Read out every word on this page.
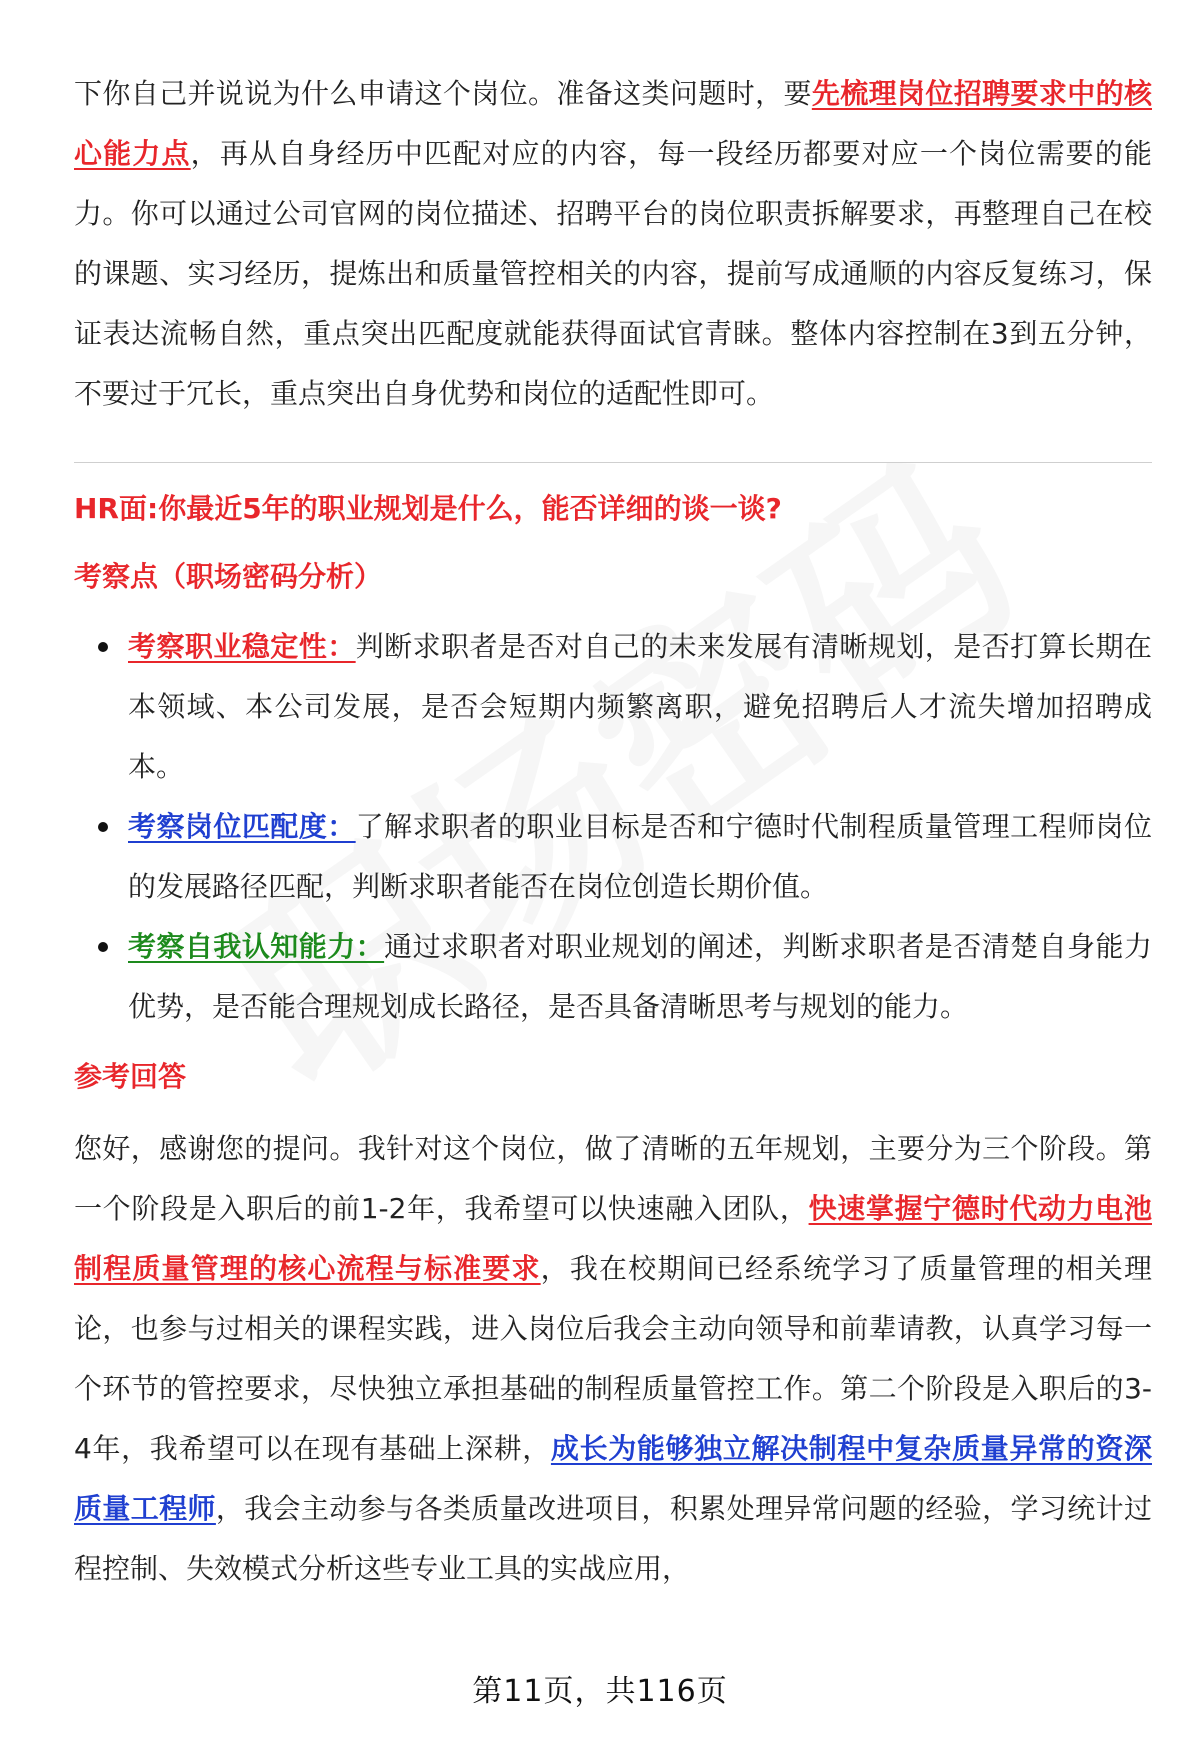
下你自己并说说为什么申请这个岗位。准备这类问题时，要先梳理岗位招聘要求中的核心能力点，再从自身经历中匹配对应的内容，每一段经历都要对应一个岗位需要的能力。你可以通过公司官网的岗位描述、招聘平台的岗位职责拆解要求，再整理自己在校的课题、实习经历，提炼出和质量管控相关的内容，提前写成通顺的内容反复练习，保证表达流畅自然，重点突出匹配度就能获得面试官青睐。整体内容控制在3到五分钟，不要过于冗长，重点突出自身优势和岗位的适配性即可。

HR面:你最近5年的职业规划是什么，能否详细的谈一谈?

考察点（职场密码分析）

考察职业稳定性：判断求职者是否对自己的未来发展有清晰规划，是否打算长期在本领域、本公司发展，是否会短期内频繁离职，避免招聘后人才流失增加招聘成本。
考察岗位匹配度：了解求职者的职业目标是否和宁德时代制程质量管理工程师岗位的发展路径匹配，判断求职者能否在岗位创造长期价值。
考察自我认知能力：通过求职者对职业规划的阐述，判断求职者是否清楚自身能力优势，是否能合理规划成长路径，是否具备清晰思考与规划的能力。

参考回答

您好，感谢您的提问。我针对这个岗位，做了清晰的五年规划，主要分为三个阶段。第一个阶段是入职后的前1-2年，我希望可以快速融入团队，快速掌握宁德时代动力电池制程质量管理的核心流程与标准要求，我在校期间已经系统学习了质量管理的相关理论，也参与过相关的课程实践，进入岗位后我会主动向领导和前辈请教，认真学习每一个环节的管控要求，尽快独立承担基础的制程质量管控工作。第二个阶段是入职后的3-4年，我希望可以在现有基础上深耕，成长为能够独立解决制程中复杂质量异常的资深质量工程师，我会主动参与各类质量改进项目，积累处理异常问题的经验，学习统计过程控制、失效模式分析这些专业工具的实战应用，

第11页，共116页
